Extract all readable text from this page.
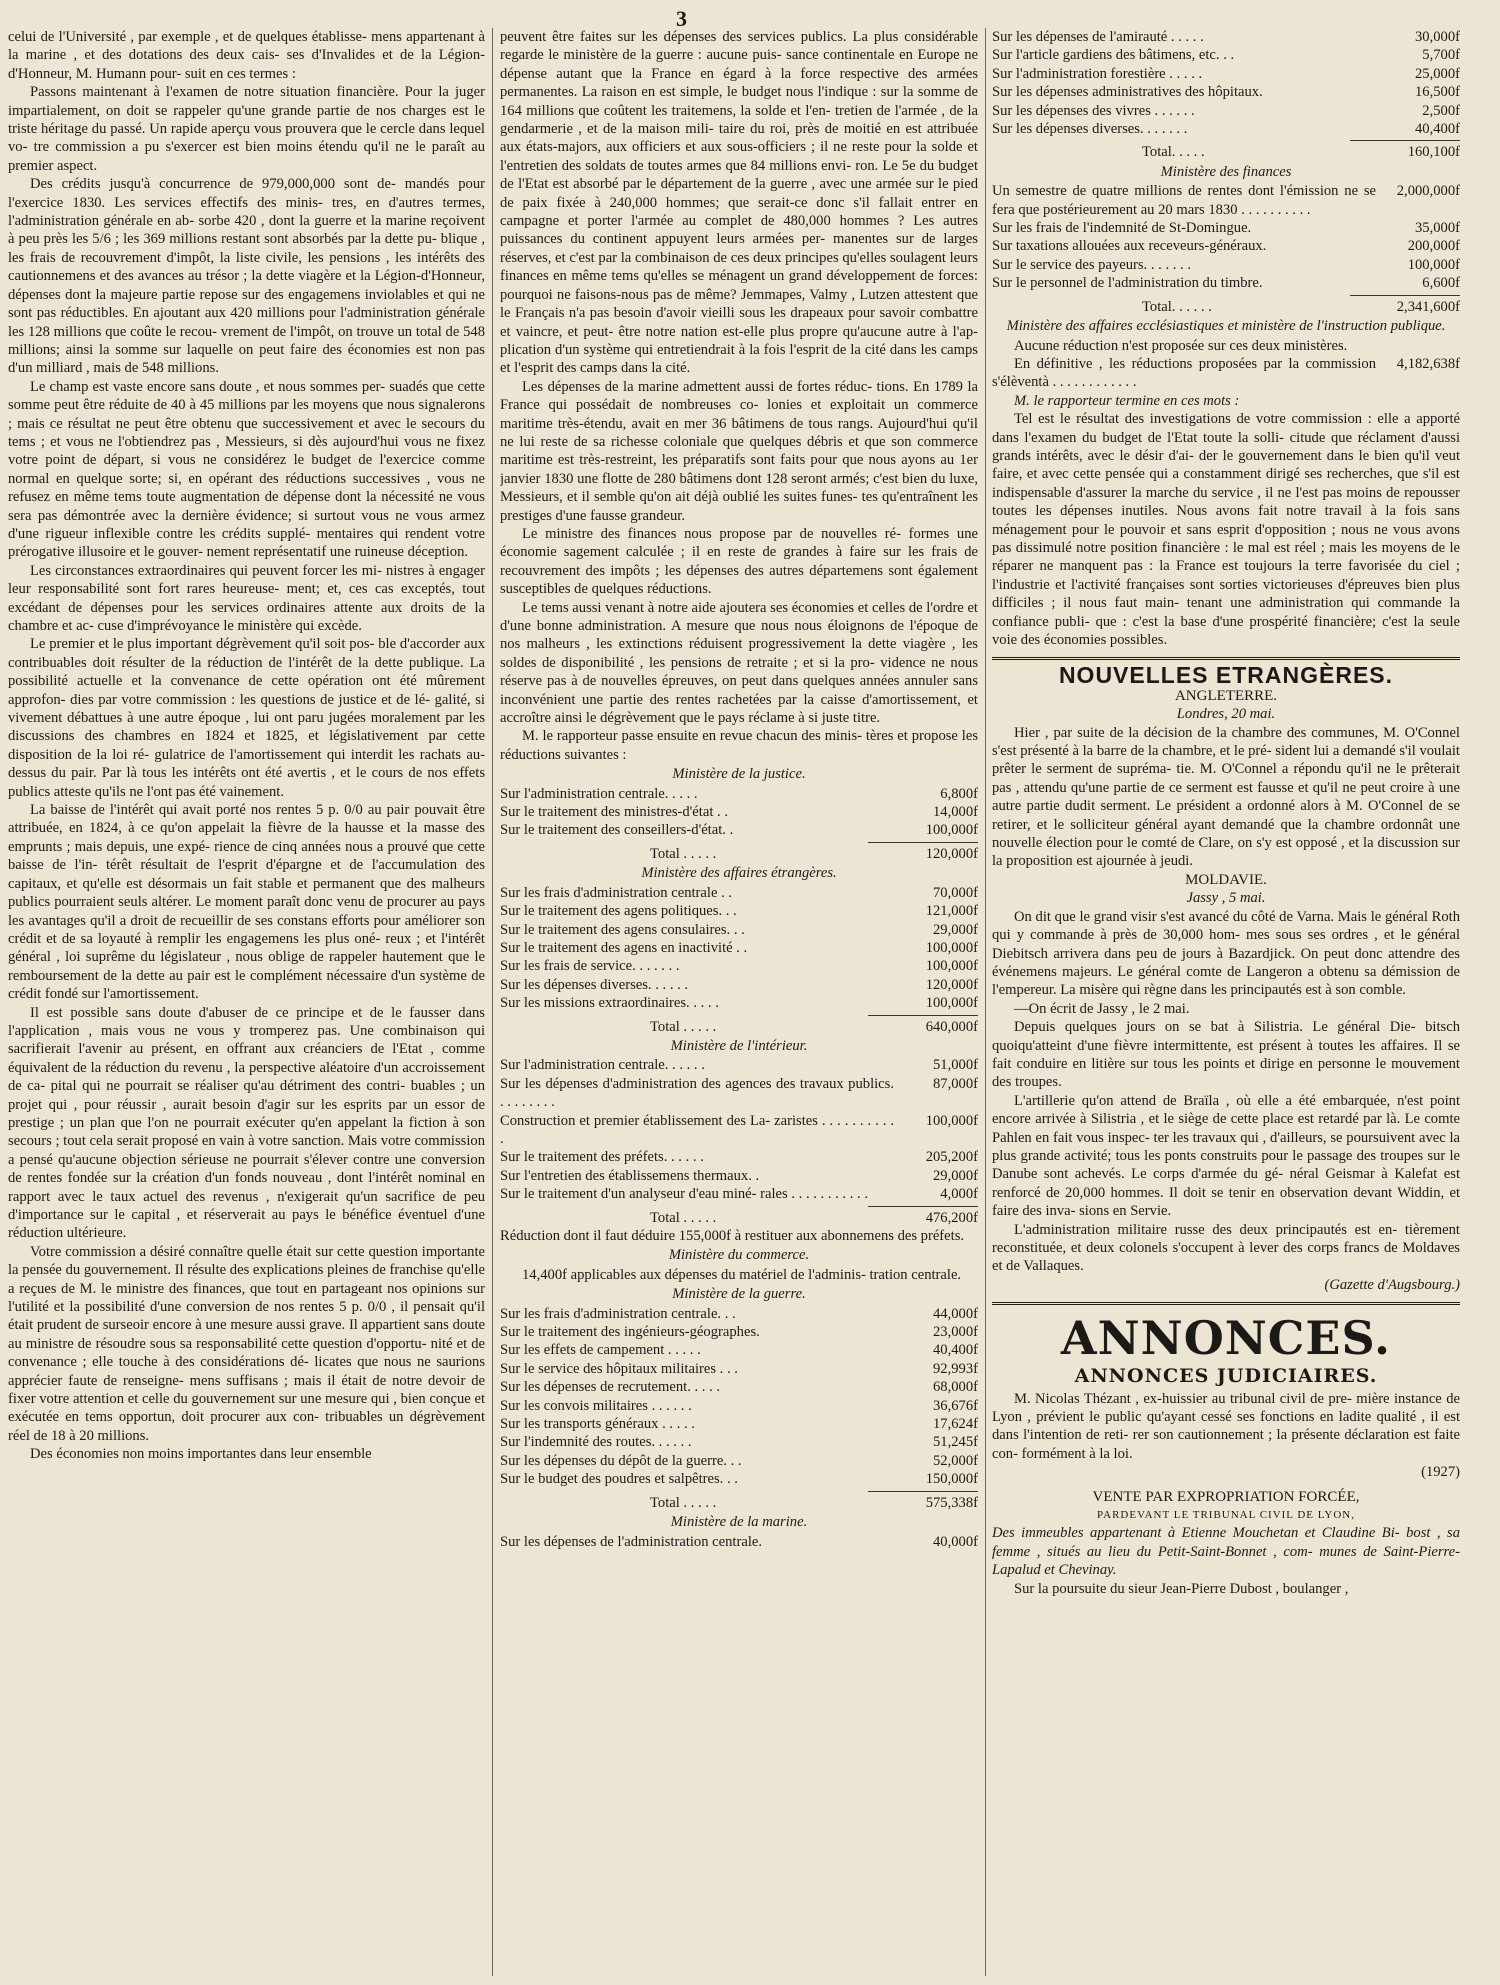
3

celui de l'Université , par exemple , et de quelques établisse- mens appartenant à la marine , et des dotations des deux cais- ses d'Invalides et de la Légion-d'Honneur, M. Humann pour- suit en ces termes :

Passons maintenant à l'examen de notre situation financière. Pour la juger impartialement, on doit se rappeler qu'une grande partie de nos charges est le triste héritage du passé. Un rapide aperçu vous prouvera que le cercle dans lequel vo- tre commission a pu s'exercer est bien moins étendu qu'il ne le paraît au premier aspect.

Des crédits jusqu'à concurrence de 979,000,000 sont de- mandés pour l'exercice 1830. Les services effectifs des minis- tres, en d'autres termes, l'administration générale en ab- sorbe 420 , dont la guerre et la marine reçoivent à peu près les 5/6 ; les 369 millions restant sont absorbés par la dette pu- blique , les frais de recouvrement d'impôt, la liste civile, les pensions , les intérêts des cautionnemens et des avances au trésor ; la dette viagère et la Légion-d'Honneur, dépenses dont la majeure partie repose sur des engagemens inviolables et qui ne sont pas réductibles. En ajoutant aux 420 millions pour l'administration générale les 128 millions que coûte le recou- vrement de l'impôt, on trouve un total de 548 millions; ainsi la somme sur laquelle on peut faire des économies est non pas d'un milliard , mais de 548 millions.

Le champ est vaste encore sans doute , et nous sommes per- suadés que cette somme peut être réduite de 40 à 45 millions par les moyens que nous signalerons ; mais ce résultat ne peut être obtenu que successivement et avec le secours du tems ; et vous ne l'obtiendrez pas , Messieurs, si dès aujourd'hui vous ne fixez votre point de départ, si vous ne considérez le budget de l'exercice comme normal en quelque sorte; si, en opérant des réductions successives , vous ne refusez en même tems toute augmentation de dépense dont la nécessité ne vous sera pas démontrée avec la dernière évidence; si surtout vous ne vous armez d'une rigueur inflexible contre les crédits supplé- mentaires qui rendent votre prérogative illusoire et le gouver- nement représentatif une ruineuse déception.

Les circonstances extraordinaires qui peuvent forcer les mi- nistres à engager leur responsabilité sont fort rares heureuse- ment; et, ces cas exceptés, tout excédant de dépenses pour les services ordinaires attente aux droits de la chambre et ac- cuse d'imprévoyance le ministère qui excède.

Le premier et le plus important dégrèvement qu'il soit pos- ble d'accorder aux contribuables doit résulter de la réduction de l'intérêt de la dette publique. La possibilité actuelle et la convenance de cette opération ont été mûrement approfon- dies par votre commission : les questions de justice et de lé- galité, si vivement débattues à une autre époque , lui ont paru jugées moralement par les discussions des chambres en 1824 et 1825, et législativement par cette disposition de la loi ré- gulatrice de l'amortissement qui interdit les rachats au-dessus du pair. Par là tous les intérêts ont été avertis , et le cours de nos effets publics atteste qu'ils ne l'ont pas été vainement.

La baisse de l'intérêt qui avait porté nos rentes 5 p. 0/0 au pair pouvait être attribuée, en 1824, à ce qu'on appelait la fièvre de la hausse et la masse des emprunts ; mais depuis, une expé- rience de cinq années nous a prouvé que cette baisse de l'in- térêt résultait de l'esprit d'épargne et de l'accumulation des capitaux, et qu'elle est désormais un fait stable et permanent que des malheurs publics pourraient seuls altérer. Le moment paraît donc venu de procurer au pays les avantages qu'il a droit de recueillir de ses constans efforts pour améliorer son crédit et de sa loyauté à remplir les engagemens les plus oné- reux ; et l'intérêt général , loi suprême du législateur , nous oblige de rappeler hautement que le remboursement de la dette au pair est le complément nécessaire d'un système de crédit fondé sur l'amortissement.

Il est possible sans doute d'abuser de ce principe et de le fausser dans l'application , mais vous ne vous y tromperez pas. Une combinaison qui sacrifierait l'avenir au présent, en offrant aux créanciers de l'Etat , comme équivalent de la réduction du revenu , la perspective aléatoire d'un accroissement de ca- pital qui ne pourrait se réaliser qu'au détriment des contri- buables ; un projet qui , pour réussir , aurait besoin d'agir sur les esprits par un essor de prestige ; un plan que l'on ne pourrait exécuter qu'en appelant la fiction à son secours ; tout cela serait proposé en vain à votre sanction. Mais votre commission a pensé qu'aucune objection sérieuse ne pourrait s'élever contre une conversion de rentes fondée sur la création d'un fonds nouveau , dont l'intérêt nominal en rapport avec le taux actuel des revenus , n'exigerait qu'un sacrifice de peu d'importance sur le capital , et réserverait au pays le bénéfice éventuel d'une réduction ultérieure.

Votre commission a désiré connaître quelle était sur cette question importante la pensée du gouvernement. Il résulte des explications pleines de franchise qu'elle a reçues de M. le ministre des finances, que tout en partageant nos opinions sur l'utilité et la possibilité d'une conversion de nos rentes 5 p. 0/0 , il pensait qu'il était prudent de surseoir encore à une mesure aussi grave. Il appartient sans doute au ministre de résoudre sous sa responsabilité cette question d'opportu- nité et de convenance ; elle touche à des considérations dé- licates que nous ne saurions apprécier faute de renseigne- mens suffisans ; mais il était de notre devoir de fixer votre attention et celle du gouvernement sur une mesure qui , bien conçue et exécutée en tems opportun, doit procurer aux con- tribuables un dégrèvement réel de 18 à 20 millions.

Des économies non moins importantes dans leur ensemble

peuvent être faites sur les dépenses des services publics. La plus considérable regarde le ministère de la guerre : aucune puis- sance continentale en Europe ne dépense autant que la France en égard à la force respective des armées permanentes. La raison en est simple, le budget nous l'indique : sur la somme de 164 millions que coûtent les traitemens, la solde et l'en- tretien de l'armée , de la gendarmerie , et de la maison mili- taire du roi, près de moitié en est attribuée aux états-majors, aux officiers et aux sous-officiers ; il ne reste pour la solde et l'entretien des soldats de toutes armes que 84 millions envi- ron. Le 5e du budget de l'Etat est absorbé par le département de la guerre , avec une armée sur le pied de paix fixée à 240,000 hommes; que serait-ce donc s'il fallait entrer en campagne et porter l'armée au complet de 480,000 hommes ? Les autres puissances du continent appuyent leurs armées per- manentes sur de larges réserves, et c'est par la combinaison de ces deux principes qu'elles soulagent leurs finances en même tems qu'elles se ménagent un grand développement de forces: pourquoi ne faisons-nous pas de même? Jemmapes, Valmy , Lutzen attestent que le Français n'a pas besoin d'avoir vieilli sous les drapeaux pour savoir combattre et vaincre, et peut- être notre nation est-elle plus propre qu'aucune autre à l'ap- plication d'un système qui entretiendrait à la fois l'esprit de la cité dans les camps et l'esprit des camps dans la cité.

Les dépenses de la marine admettent aussi de fortes réduc- tions. En 1789 la France qui possédait de nombreuses co- lonies et exploitait un commerce maritime très-étendu, avait en mer 36 bâtimens de tous rangs. Aujourd'hui qu'il ne lui reste de sa richesse coloniale que quelques débris et que son commerce maritime est très-restreint, les préparatifs sont faits pour que nous ayons au 1er janvier 1830 une flotte de 280 bâtimens dont 128 seront armés; c'est bien du luxe, Messieurs, et il semble qu'on ait déjà oublié les suites funes- tes qu'entraînent les prestiges d'une fausse grandeur.

Le ministre des finances nous propose par de nouvelles ré- formes une économie sagement calculée ; il en reste de grandes à faire sur les frais de recouvrement des impôts ; les dépenses des autres départemens sont également susceptibles de quelques réductions.

Le tems aussi venant à notre aide ajoutera ses économies et celles de l'ordre et d'une bonne administration. A mesure que nous nous éloignons de l'époque de nos malheurs , les extinctions réduisent progressivement la dette viagère , les soldes de disponibilité , les pensions de retraite ; et si la pro- vidence ne nous réserve pas à de nouvelles épreuves, on peut dans quelques années annuler sans inconvénient une partie des rentes rachetées par la caisse d'amortissement, et accroître ainsi le dégrèvement que le pays réclame à si juste titre.

M. le rapporteur passe ensuite en revue chacun des minis- tères et propose les réductions suivantes :

Ministère de la justice.
Sur l'administration centrale. . . . .	6,800f
Sur le traitement des ministres-d'état . .	14,000f
Sur le traitement des conseillers-d'état. .	100,000f
Total . . . . .	120,000f
Ministère des affaires étrangères.
Sur les frais d'administration centrale . .	70,000f
Sur le traitement des agens politiques. . .	121,000f
Sur le traitement des agens consulaires. . .	29,000f
Sur le traitement des agens en inactivité . .	100,000f
Sur les frais de service. . . . . . .	100,000f
Sur les dépenses diverses. . . . . .	120,000f
Sur les missions extraordinaires. . . . .	100,000f
Total . . . . .	640,000f
Ministère de l'intérieur.
Sur l'administration centrale. . . . . .	51,000f
Sur les dépenses d'administration des agences des travaux publics. . . . . . . . .
87,000f
Construction et premier établissement des La- zaristes . . . . . . . . . . .
100,000f
Sur le traitement des préfets. . . . . .	205,200f
Sur l'entretien des établissemens thermaux. .	29,000f
Sur le traitement d'un analyseur d'eau miné- rales . . . . . . . . . . .	4,000f
Total . . . . .	476,200f

Réduction dont il faut déduire 155,000f à restituer aux abonnemens des préfets.

Ministère du commerce.

14,400f applicables aux dépenses du matériel de l'adminis- tration centrale.

Ministère de la guerre.
Sur les frais d'administration centrale. . .	44,000f
Sur le traitement des ingénieurs-géographes.	23,000f
Sur les effets de campement . . . . .	40,400f
Sur le service des hôpitaux militaires . . .	92,993f
Sur les dépenses de recrutement. . . . .	68,000f
Sur les convois militaires . . . . . .	36,676f
Sur les transports généraux . . . . .	17,624f
Sur l'indemnité des routes. . . . . .	51,245f
Sur les dépenses du dépôt de la guerre. . .	52,000f
Sur le budget des poudres et salpêtres. . .	150,000f
Total . . . . .	575,338f
Ministère de la marine.
Sur les dépenses de l'administration centrale.	40,000f
Sur les dépenses de l'amirauté . . . . .	30,000f
Sur l'article gardiens des bâtimens, etc. . .	5,700f
Sur l'administration forestière . . . . .	25,000f
Sur les dépenses administratives des hôpitaux.	16,500f
Sur les dépenses des vivres . . . . . .	2,500f
Sur les dépenses diverses. . . . . . .	40,400f
Total. . . . .	160,100f
Ministère des finances
Un semestre de quatre millions de rentes dont l'émission ne se fera que postérieurement au 20 mars 1830 . . . . . . . . . .
2,000,000f
Sur les frais de l'indemnité de St-Domingue.	35,000f
Sur taxations allouées aux receveurs-généraux.	200,000f
Sur le service des payeurs. . . . . . .	100,000f
Sur le personnel de l'administration du timbre.	6,600f
Total. . . . . .	2,341,600f
Ministère des affaires ecclésiastiques et ministère de l'instruction publique.

Aucune réduction n'est proposée sur ces deux ministères.

En définitive , les réductions proposées par la commission s'élèventà . . . . . . . . . . . .
4,182,638f

M. le rapporteur termine en ces mots :

Tel est le résultat des investigations de votre commission : elle a apporté dans l'examen du budget de l'Etat toute la solli- citude que réclament d'aussi grands intérêts, avec le désir d'ai- der le gouvernement dans le bien qu'il veut faire, et avec cette pensée qui a constamment dirigé ses recherches, que s'il est indispensable d'assurer la marche du service , il ne l'est pas moins de repousser toutes les dépenses inutiles. Nous avons fait notre travail à la fois sans ménagement pour le pouvoir et sans esprit d'opposition ; nous ne vous avons pas dissimulé notre position financière : le mal est réel ; mais les moyens de le réparer ne manquent pas : la France est toujours la terre favorisée du ciel ; l'industrie et l'activité françaises sont sorties victorieuses d'épreuves bien plus difficiles ; il nous faut main- tenant une administration qui commande la confiance publi- que : c'est la base d'une prospérité financière; c'est la seule voie des économies possibles.

NOUVELLES ETRANGÈRES.
ANGLETERRE.
Londres, 20 mai.

Hier , par suite de la décision de la chambre des communes, M. O'Connel s'est présenté à la barre de la chambre, et le pré- sident lui a demandé s'il voulait prêter le serment de supréma- tie. M. O'Connel a répondu qu'il ne le prêterait pas , attendu qu'une partie de ce serment est fausse et qu'il ne peut croire à une autre partie dudit serment. Le président a ordonné alors à M. O'Connel de se retirer, et le solliciteur général ayant demandé que la chambre ordonnât une nouvelle élection pour le comté de Clare, on s'y est opposé , et la discussion sur la proposition est ajournée à jeudi.

MOLDAVIE.
Jassy , 5 mai.

On dit que le grand visir s'est avancé du côté de Varna. Mais le général Roth qui y commande à près de 30,000 hom- mes sous ses ordres , et le général Diebitsch arrivera dans peu de jours à Bazardjick. On peut donc attendre des événemens majeurs. Le général comte de Langeron a obtenu sa démission de l'empereur. La misère qui règne dans les principautés est à son comble.

—On écrit de Jassy , le 2 mai.

Depuis quelques jours on se bat à Silistria. Le général Die- bitsch quoiqu'atteint d'une fièvre intermittente, est présent à toutes les affaires. Il se fait conduire en litière sur tous les points et dirige en personne le mouvement des troupes.

L'artillerie qu'on attend de Braïla , où elle a été embarquée, n'est point encore arrivée à Silistria , et le siège de cette place est retardé par là. Le comte Pahlen en fait vous inspec- ter les travaux qui , d'ailleurs, se poursuivent avec la plus grande activité; tous les ponts construits pour le passage des troupes sur le Danube sont achevés. Le corps d'armée du gé- néral Geismar à Kalefat est renforcé de 20,000 hommes. Il doit se tenir en observation devant Widdin, et faire des inva- sions en Servie.

L'administration militaire russe des deux principautés est en- tièrement reconstituée, et deux colonels s'occupent à lever des corps francs de Moldaves et de Vallaques.

(Gazette d'Augsbourg.)
ANNONCES.
ANNONCES JUDICIAIRES.

M. Nicolas Thézant , ex-huissier au tribunal civil de pre- mière instance de Lyon , prévient le public qu'ayant cessé ses fonctions en ladite qualité , il est dans l'intention de reti- rer son cautionnement ; la présente déclaration est faite con- formément à la loi.

(1927)
VENTE PAR EXPROPRIATION FORCÉE,
PARDEVANT LE TRIBUNAL CIVIL DE LYON,

Des immeubles appartenant à Etienne Mouchetan et Claudine Bi- bost , sa femme , situés au lieu du Petit-Saint-Bonnet , com- munes de Saint-Pierre-Lapalud et Chevinay.

Sur la poursuite du sieur Jean-Pierre Dubost , boulanger ,
